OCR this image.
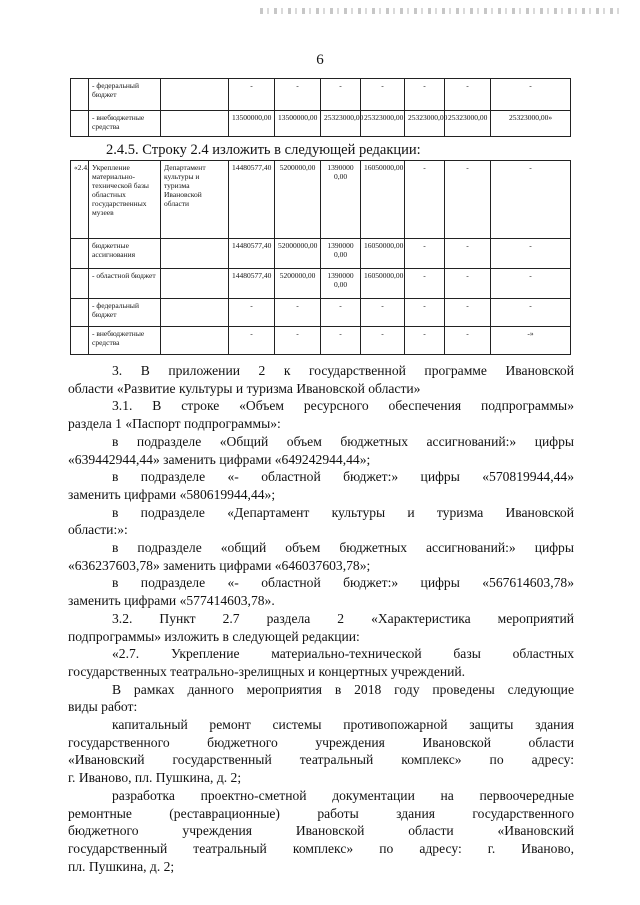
6
	- федеральный бюджет		-	-	-	-	-	-	-
	- внебюджетные средства		13500000,00	13500000,00	25323000,00	25323000,00	25323000,00	25323000,00	25323000,00»
2.4.5. Строку 2.4 изложить в следующей редакции:
«2.4.	Укрепление материально-технической базы областных государственных музеев	Департамент культуры и туризма Ивановской области	14480577,40	5200000,00	1390000 0,00	16050000,00	-	-	-
	бюджетные ассигнования		14480577,40	52000000,00	1390000 0,00	16050000,00	-	-	-
	- областной бюджет		14480577,40	5200000,00	1390000 0,00	16050000,00	-	-	-
	- федеральный бюджет		-	-	-	-	-	-	-
	- внебюджетные средства		-	-	-	-	-	-	-»

3. В приложении 2 к государственной программе Ивановской

области «Развитие культуры и туризма Ивановской области»

3.1. В строке «Объем ресурсного обеспечения подпрограммы»

раздела 1 «Паспорт подпрограммы»:

в подразделе «Общий объем бюджетных ассигнований:» цифры

«639442944,44» заменить цифрами «649242944,44»;

в подразделе «- областной бюджет:» цифры «570819944,44»

заменить цифрами «580619944,44»;

в подразделе «Департамент культуры и туризма Ивановской

области:»:

в подразделе «общий объем бюджетных ассигнований:» цифры

«636237603,78» заменить цифрами «646037603,78»;

в подразделе «- областной бюджет:» цифры «567614603,78»

заменить цифрами «577414603,78».

3.2. Пункт 2.7 раздела 2 «Характеристика мероприятий

подпрограммы» изложить в следующей редакции:

«2.7. Укрепление материально-технической базы областных

государственных театрально-зрелищных и концертных учреждений.

В рамках данного мероприятия в 2018 году проведены следующие

виды работ:

капитальный ремонт системы противопожарной защиты здания

государственного бюджетного учреждения Ивановской области

«Ивановский государственный театральный комплекс» по адресу:

г. Иваново, пл. Пушкина, д. 2;

разработка проектно-сметной документации на первоочередные

ремонтные (реставрационные) работы здания государственного

бюджетного учреждения Ивановской области «Ивановский

государственный театральный комплекс» по адресу: г. Иваново,

пл. Пушкина, д. 2;
